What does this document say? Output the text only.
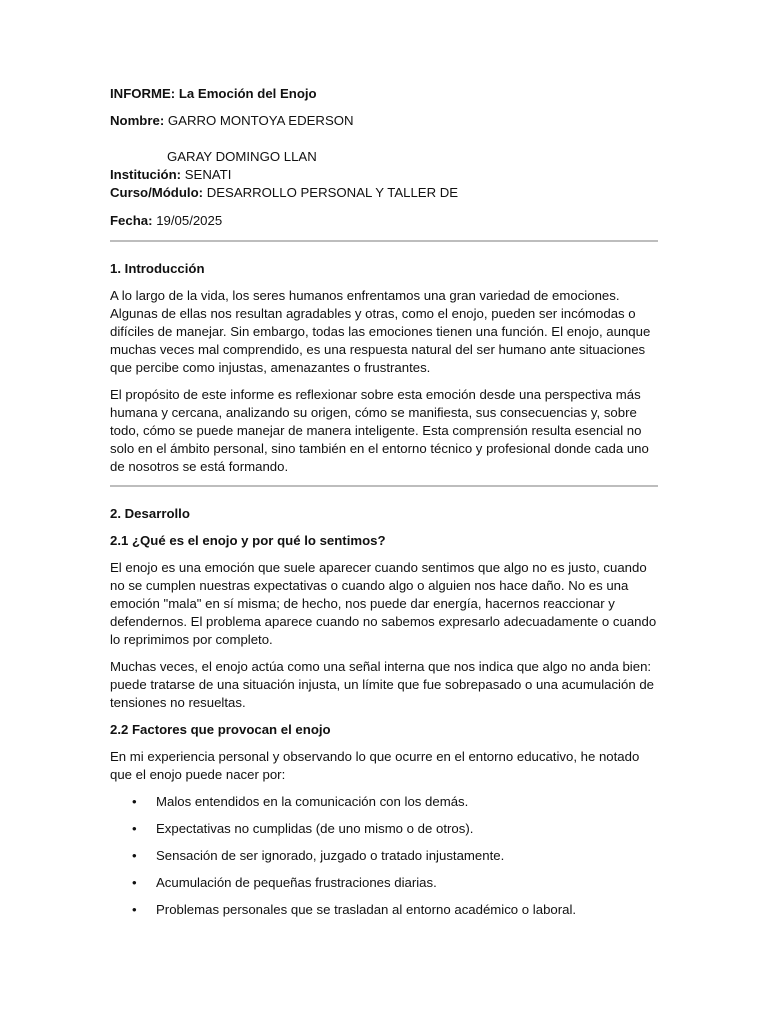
INFORME: La Emoción del Enojo
Nombre: GARRO MONTOYA EDERSON
GARAY DOMINGO LLAN
Institución: SENATI
Curso/Módulo: DESARROLLO PERSONAL Y TALLER DE
Fecha: 19/05/2025
1. Introducción

A lo largo de la vida, los seres humanos enfrentamos una gran variedad de emociones. Algunas de ellas nos resultan agradables y otras, como el enojo, pueden ser incómodas o difíciles de manejar. Sin embargo, todas las emociones tienen una función. El enojo, aunque muchas veces mal comprendido, es una respuesta natural del ser humano ante situaciones que percibe como injustas, amenazantes o frustrantes.

El propósito de este informe es reflexionar sobre esta emoción desde una perspectiva más humana y cercana, analizando su origen, cómo se manifiesta, sus consecuencias y, sobre todo, cómo se puede manejar de manera inteligente. Esta comprensión resulta esencial no solo en el ámbito personal, sino también en el entorno técnico y profesional donde cada uno de nosotros se está formando.

2. Desarrollo
2.1 ¿Qué es el enojo y por qué lo sentimos?

El enojo es una emoción que suele aparecer cuando sentimos que algo no es justo, cuando no se cumplen nuestras expectativas o cuando algo o alguien nos hace daño. No es una emoción "mala" en sí misma; de hecho, nos puede dar energía, hacernos reaccionar y defendernos. El problema aparece cuando no sabemos expresarlo adecuadamente o cuando lo reprimimos por completo.

Muchas veces, el enojo actúa como una señal interna que nos indica que algo no anda bien: puede tratarse de una situación injusta, un límite que fue sobrepasado o una acumulación de tensiones no resueltas.

2.2 Factores que provocan el enojo

En mi experiencia personal y observando lo que ocurre en el entorno educativo, he notado que el enojo puede nacer por:

• Malos entendidos en la comunicación con los demás.
• Expectativas no cumplidas (de uno mismo o de otros).
• Sensación de ser ignorado, juzgado o tratado injustamente.
• Acumulación de pequeñas frustraciones diarias.
• Problemas personales que se trasladan al entorno académico o laboral.
